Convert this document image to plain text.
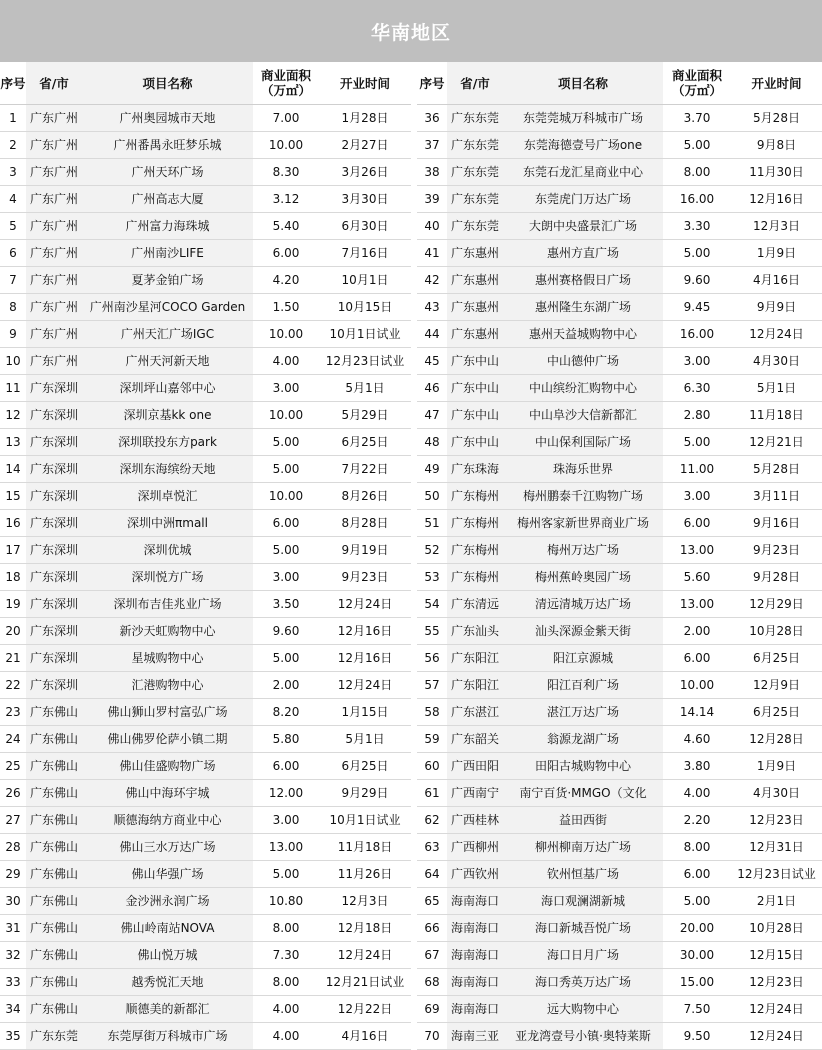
华南地区
序号	省/市	项目名称	商业面积（万㎡）	开业时间
1	广东广州	广州奥园城市天地	7.00	1月28日
2	广东广州	广州番禺永旺梦乐城	10.00	2月27日
3	广东广州	广州天环广场	8.30	3月26日
4	广东广州	广州高志大厦	3.12	3月30日
5	广东广州	广州富力海珠城	5.40	6月30日
6	广东广州	广州南沙LIFE	6.00	7月16日
7	广东广州	夏茅金铂广场	4.20	10月1日
8	广东广州	广州南沙星河COCO Garden	1.50	10月15日
9	广东广州	广州天汇广场IGC	10.00	10月1日试业
10	广东广州	广州天河新天地	4.00	12月23日试业
11	广东深圳	深圳坪山嘉邻中心	3.00	5月1日
12	广东深圳	深圳京基kk one	10.00	5月29日
13	广东深圳	深圳联投东方park	5.00	6月25日
14	广东深圳	深圳东海缤纷天地	5.00	7月22日
15	广东深圳	深圳卓悦汇	10.00	8月26日
16	广东深圳	深圳中洲πmall	6.00	8月28日
17	广东深圳	深圳优城	5.00	9月19日
18	广东深圳	深圳悦方广场	3.00	9月23日
19	广东深圳	深圳布吉佳兆业广场	3.50	12月24日
20	广东深圳	新沙天虹购物中心	9.60	12月16日
21	广东深圳	星城购物中心	5.00	12月16日
22	广东深圳	汇港购物中心	2.00	12月24日
23	广东佛山	佛山狮山罗村富弘广场	8.20	1月15日
24	广东佛山	佛山佛罗伦萨小镇二期	5.80	5月1日
25	广东佛山	佛山佳盛购物广场	6.00	6月25日
26	广东佛山	佛山中海环宇城	12.00	9月29日
27	广东佛山	顺德海纳方商业中心	3.00	10月1日试业
28	广东佛山	佛山三水万达广场	13.00	11月18日
29	广东佛山	佛山华强广场	5.00	11月26日
30	广东佛山	金沙洲永润广场	10.80	12月3日
31	广东佛山	佛山岭南站NOVA	8.00	12月18日
32	广东佛山	佛山悦万城	7.30	12月24日
33	广东佛山	越秀悦汇天地	8.00	12月21日试业
34	广东佛山	顺德美的新都汇	4.00	12月22日
35	广东东莞	东莞厚街万科城市广场	4.00	4月16日
序号	省/市	项目名称	商业面积（万㎡）	开业时间
36	广东东莞	东莞莞城万科城市广场	3.70	5月28日
37	广东东莞	东莞海德壹号广场one	5.00	9月8日
38	广东东莞	东莞石龙汇星商业中心	8.00	11月30日
39	广东东莞	东莞虎门万达广场	16.00	12月16日
40	广东东莞	大朗中央盛景汇广场	3.30	12月3日
41	广东惠州	惠州方直广场	5.00	1月9日
42	广东惠州	惠州赛格假日广场	9.60	4月16日
43	广东惠州	惠州隆生东湖广场	9.45	9月9日
44	广东惠州	惠州天益城购物中心	16.00	12月24日
45	广东中山	中山德仲广场	3.00	4月30日
46	广东中山	中山缤纷汇购物中心	6.30	5月1日
47	广东中山	中山阜沙大信新都汇	2.80	11月18日
48	广东中山	中山保利国际广场	5.00	12月21日
49	广东珠海	珠海乐世界	11.00	5月28日
50	广东梅州	梅州鹏泰千江购物广场	3.00	3月11日
51	广东梅州	梅州客家新世界商业广场	6.00	9月16日
52	广东梅州	梅州万达广场	13.00	9月23日
53	广东梅州	梅州蕉岭奥园广场	5.60	9月28日
54	广东清远	清远清城万达广场	13.00	12月29日
55	广东汕头	汕头深源金紫天街	2.00	10月28日
56	广东阳江	阳江京源城	6.00	6月25日
57	广东阳江	阳江百利广场	10.00	12月9日
58	广东湛江	湛江万达广场	14.14	6月25日
59	广东韶关	翁源龙湖广场	4.60	12月28日
60	广西田阳	田阳古城购物中心	3.80	1月9日
61	广西南宁	南宁百货·MMGO（文化	4.00	4月30日
62	广西桂林	益田西街	2.20	12月23日
63	广西柳州	柳州柳南万达广场	8.00	12月31日
64	广西钦州	钦州恒基广场	6.00	12月23日试业
65	海南海口	海口观澜湖新城	5.00	2月1日
66	海南海口	海口新城吾悦广场	20.00	10月28日
67	海南海口	海口日月广场	30.00	12月15日
68	海南海口	海口秀英万达广场	15.00	12月23日
69	海南海口	远大购物中心	7.50	12月24日
70	海南三亚	亚龙湾壹号小镇·奥特莱斯	9.50	12月24日
